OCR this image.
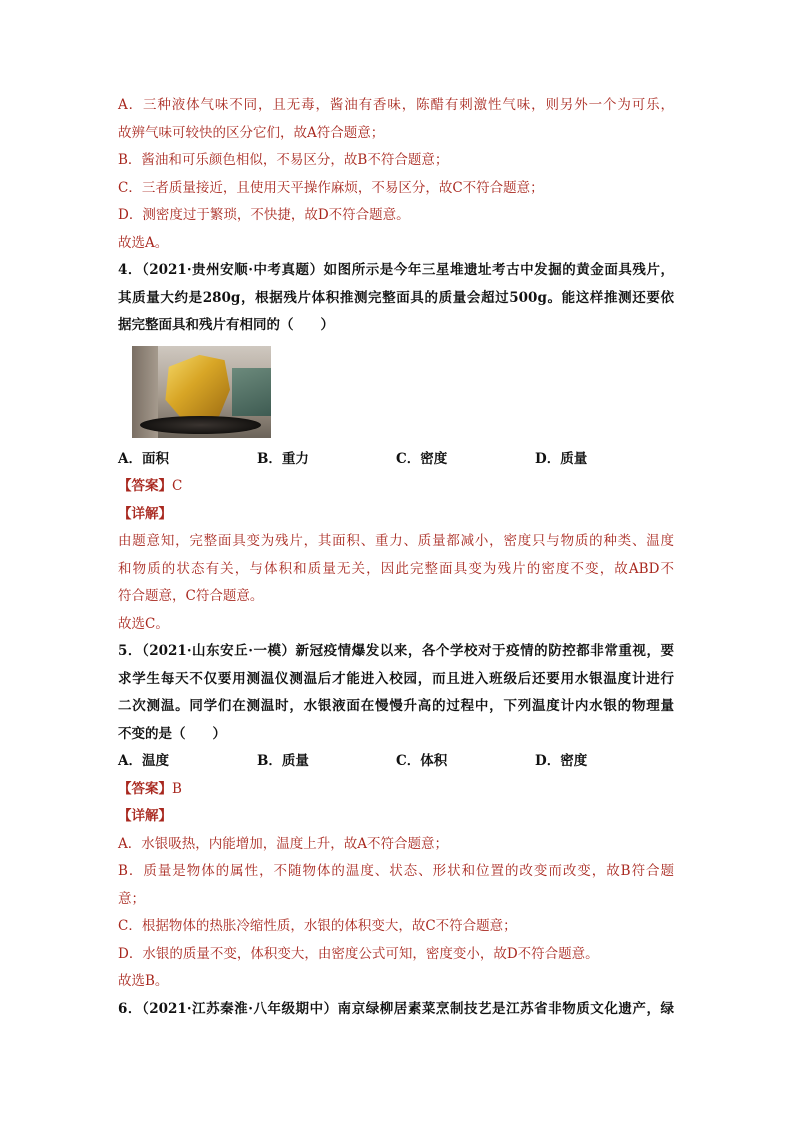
A．三种液体气味不同，且无毒，酱油有香味，陈醋有刺激性气味，则另外一个为可乐，
故辨气味可较快的区分它们，故A符合题意；
B．酱油和可乐颜色相似，不易区分，故B不符合题意；
C．三者质量接近，且使用天平操作麻烦，不易区分，故C不符合题意；
D．测密度过于繁琐，不快捷，故D不符合题意。
故选A。
4．（2021·贵州安顺·中考真题）如图所示是今年三星堆遗址考古中发掘的黄金面具残片，
其质量大约是280g，根据残片体积推测完整面具的质量会超过500g。能这样推测还要依
据完整面具和残片有相同的（　　）
A．面积	B．重力	C．密度	D．质量
【答案】C
【详解】
由题意知，完整面具变为残片，其面积、重力、质量都减小，密度只与物质的种类、温度
和物质的状态有关，与体积和质量无关，因此完整面具变为残片的密度不变，故ABD不
符合题意，C符合题意。
故选C。
5．（2021·山东安丘·一模）新冠疫情爆发以来，各个学校对于疫情的防控都非常重视，要
求学生每天不仅要用测温仪测温后才能进入校园，而且进入班级后还要用水银温度计进行
二次测温。同学们在测温时，水银液面在慢慢升高的过程中，下列温度计内水银的物理量
不变的是（　　）
A．温度	B．质量	C．体积	D．密度
【答案】B
【详解】
A．水银吸热，内能增加，温度上升，故A不符合题意；
B．质量是物体的属性，不随物体的温度、状态、形状和位置的改变而改变，故B符合题
意；
C．根据物体的热胀冷缩性质，水银的体积变大，故C不符合题意；
D．水银的质量不变，体积变大，由密度公式可知，密度变小，故D不符合题意。
故选B。
6．（2021·江苏秦淮·八年级期中）南京绿柳居素菜烹制技艺是江苏省非物质文化遗产，绿
